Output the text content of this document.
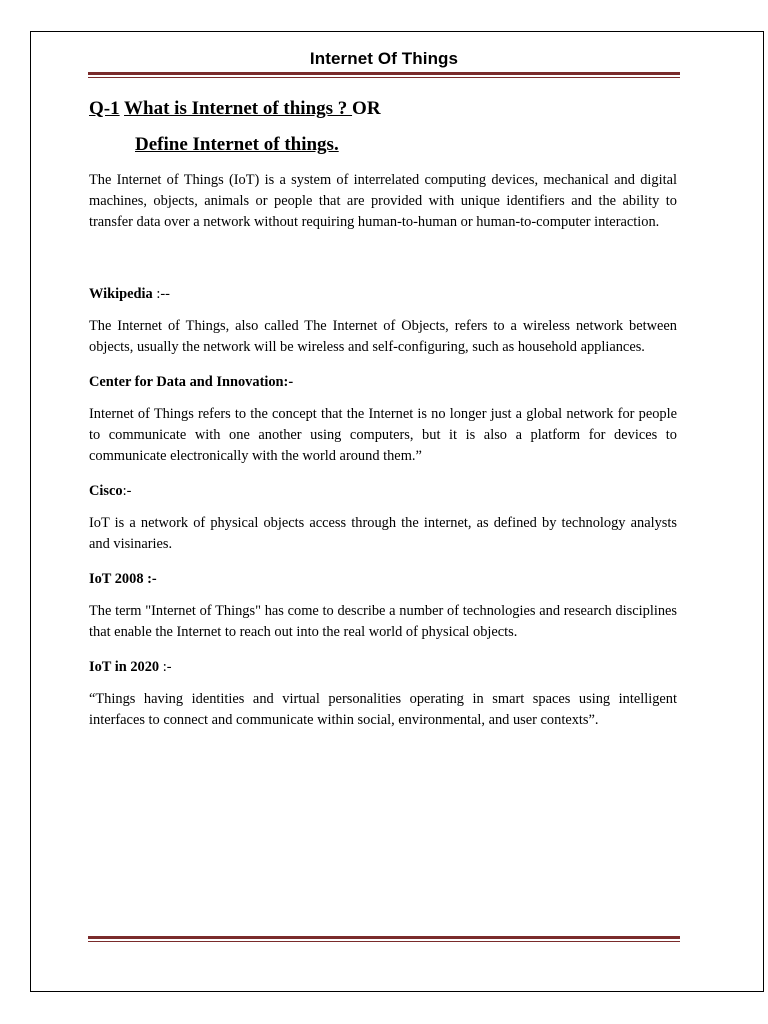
Internet Of Things
Q-1 What is Internet of things ? OR
Define Internet of things.

The Internet of Things (IoT) is a system of interrelated computing devices, mechanical and digital machines, objects, animals or people that are provided with unique identifiers and the ability to transfer data over a network without requiring human-to-human or human-to-computer interaction.

Wikipedia :--

The Internet of Things, also called The Internet of Objects, refers to a wireless network between objects, usually the network will be wireless and self-configuring, such as household appliances.

Center for Data and Innovation:-

Internet of Things refers to the concept that the Internet is no longer just a global network for people to communicate with one another using computers, but it is also a platform for devices to communicate electronically with the world around them.”

Cisco:-

IoT is a network of physical objects access through the internet, as defined by technology analysts and visinaries.

IoT 2008 :-

The term "Internet of Things" has come to describe a number of technologies and research disciplines that enable the Internet to reach out into the real world of physical objects.

IoT in 2020 :-

“Things having identities and virtual personalities operating in smart spaces using intelligent interfaces to connect and communicate within social, environmental, and user contexts”.
